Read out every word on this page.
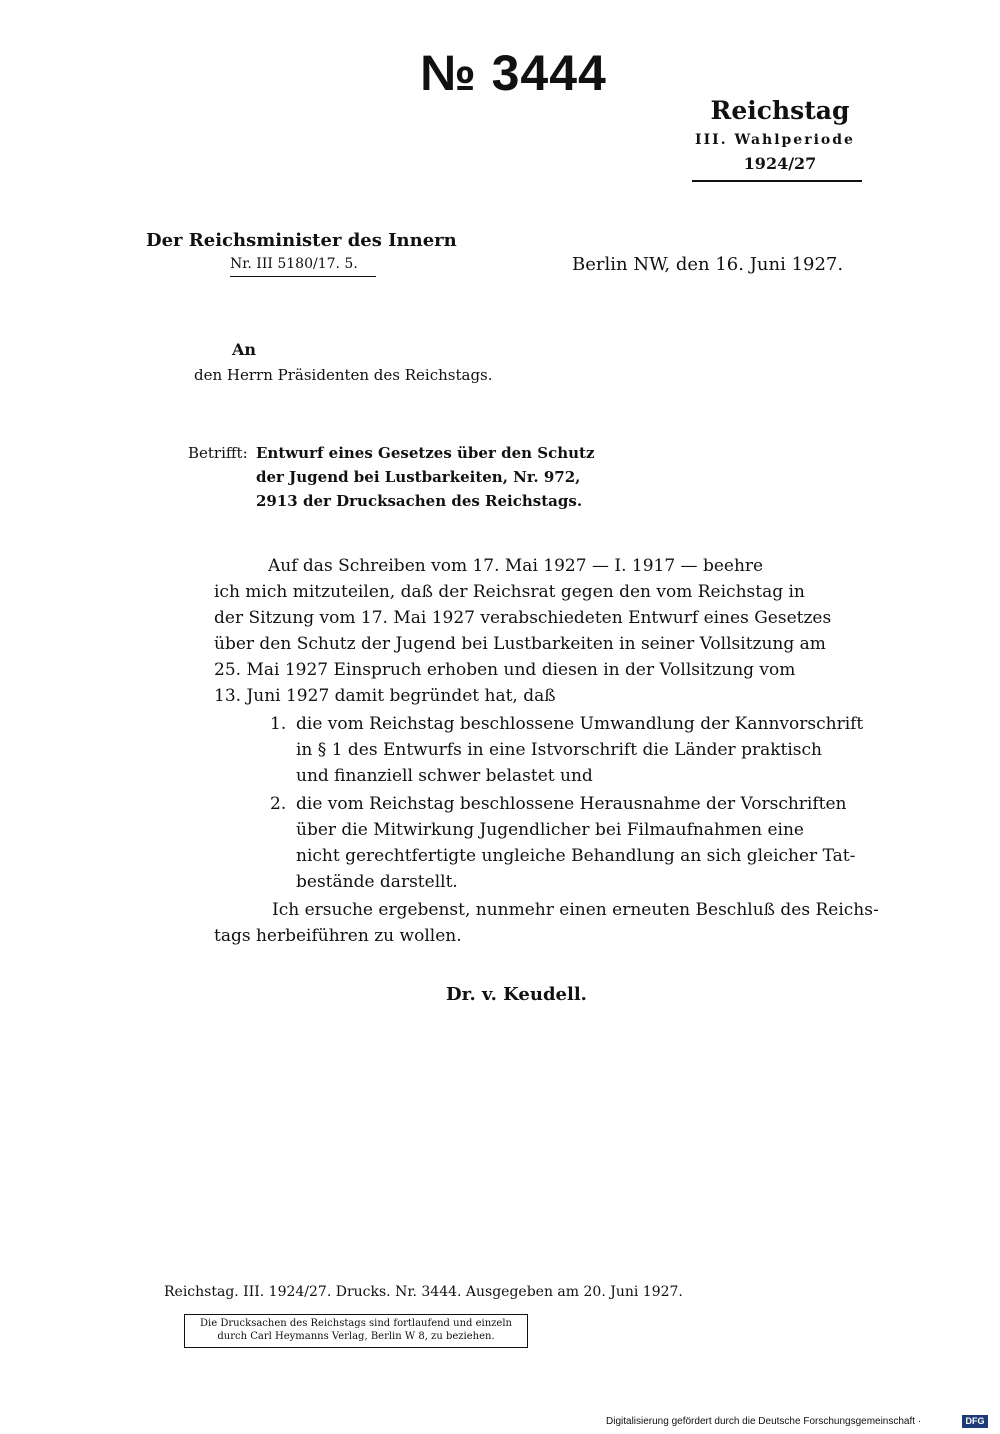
№ 3444
Reichstag
III. Wahlperiode
1924/27
Der Reichsminister des Innern
Nr. III 5180/17. 5.	Berlin NW, den 16. Juni 1927.
An
den Herrn Präsidenten des Reichstags.
Betrifft: Entwurf eines Gesetzes über den Schutz
der Jugend bei Lustbarkeiten, Nr. 972,
2913 der Drucksachen des Reichstags.
Auf das Schreiben vom 17. Mai 1927 — I. 1917 — beehre
ich mich mitzuteilen, daß der Reichsrat gegen den vom Reichstag in
der Sitzung vom 17. Mai 1927 verabschiedeten Entwurf eines Gesetzes
über den Schutz der Jugend bei Lustbarkeiten in seiner Vollsitzung am
25. Mai 1927 Einspruch erhoben und diesen in der Vollsitzung vom
13. Juni 1927 damit begründet hat, daß
1. die vom Reichstag beschlossene Umwandlung der Kannvorschrift
in § 1 des Entwurfs in eine Istvorschrift die Länder praktisch
und finanziell schwer belastet und
2. die vom Reichstag beschlossene Herausnahme der Vorschriften
über die Mitwirkung Jugendlicher bei Filmaufnahmen eine
nicht gerechtfertigte ungleiche Behandlung an sich gleicher Tat-
bestände darstellt.
Ich ersuche ergebenst, nunmehr einen erneuten Beschluß des Reichs-
tags herbeiführen zu wollen.
Dr. v. Keudell.
Reichstag. III. 1924/27. Drucks. Nr. 3444. Ausgegeben am 20. Juni 1927.
Die Drucksachen des Reichstags sind fortlaufend und einzeln
durch Carl Heymanns Verlag, Berlin W 8, zu beziehen.
Digitalisierung gefördert durch die Deutsche Forschungsgemeinschaft ·	DFG
